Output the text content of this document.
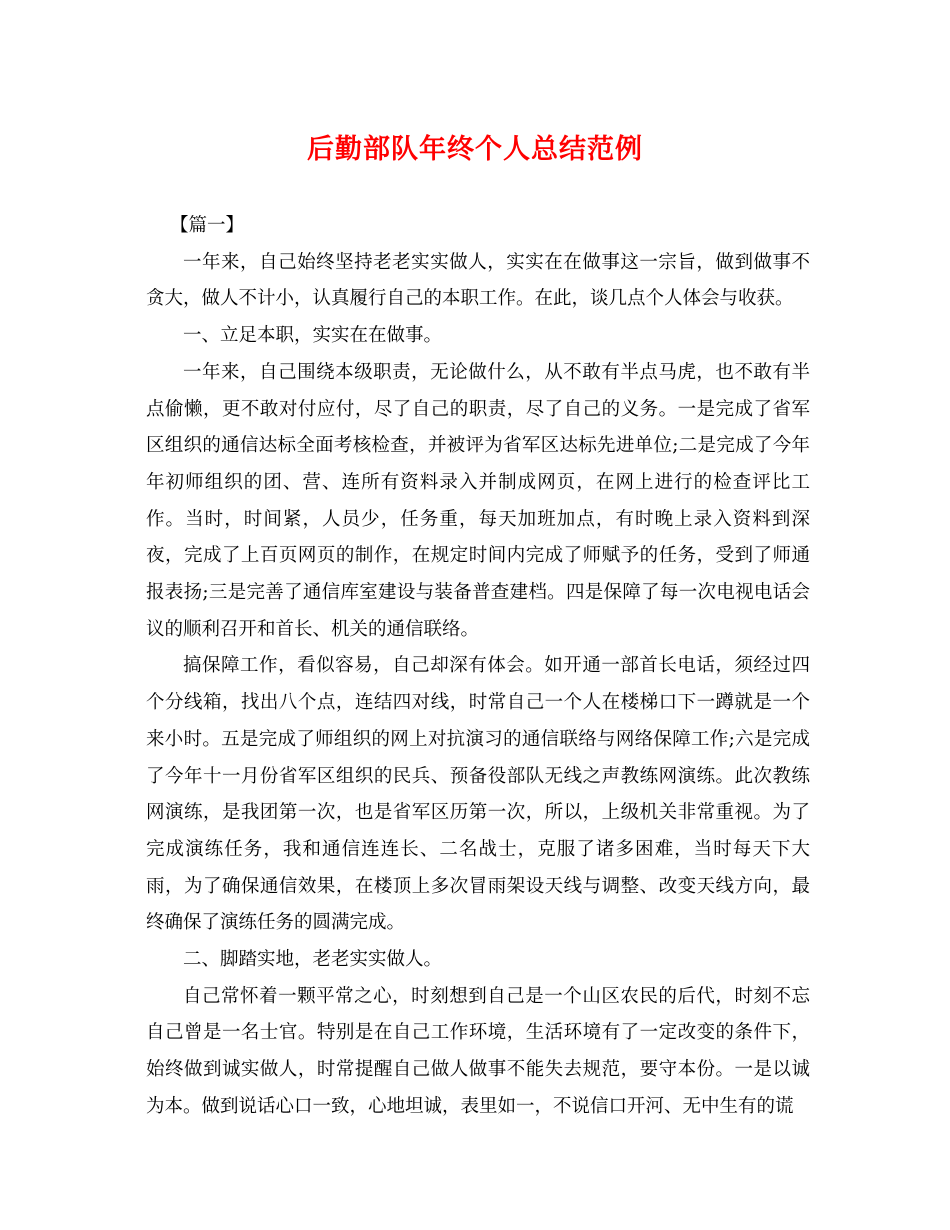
后勤部队年终个人总结范例

【篇一】

一年来，自己始终坚持老老实实做人，实实在在做事这一宗旨，做到做事不贪大，做人不计小，认真履行自己的本职工作。在此，谈几点个人体会与收获。

一、立足本职，实实在在做事。

一年来，自己围绕本级职责，无论做什么，从不敢有半点马虎，也不敢有半点偷懒，更不敢对付应付，尽了自己的职责，尽了自己的义务。一是完成了省军区组织的通信达标全面考核检查，并被评为省军区达标先进单位;二是完成了今年年初师组织的团、营、连所有资料录入并制成网页，在网上进行的检查评比工作。当时，时间紧，人员少，任务重，每天加班加点，有时晚上录入资料到深夜，完成了上百页网页的制作，在规定时间内完成了师赋予的任务，受到了师通报表扬;三是完善了通信库室建设与装备普查建档。四是保障了每一次电视电话会议的顺利召开和首长、机关的通信联络。

搞保障工作，看似容易，自己却深有体会。如开通一部首长电话，须经过四个分线箱，找出八个点，连结四对线，时常自己一个人在楼梯口下一蹲就是一个来小时。五是完成了师组织的网上对抗演习的通信联络与网络保障工作;六是完成了今年十一月份省军区组织的民兵、预备役部队无线之声教练网演练。此次教练网演练，是我团第一次，也是省军区历第一次，所以，上级机关非常重视。为了完成演练任务，我和通信连连长、二名战士，克服了诸多困难，当时每天下大雨，为了确保通信效果，在楼顶上多次冒雨架设天线与调整、改变天线方向，最终确保了演练任务的圆满完成。

二、脚踏实地，老老实实做人。

自己常怀着一颗平常之心，时刻想到自己是一个山区农民的后代，时刻不忘自己曾是一名士官。特别是在自己工作环境，生活环境有了一定改变的条件下，始终做到诚实做人，时常提醒自己做人做事不能失去规范，要守本份。一是以诚为本。做到说话心口一致，心地坦诚，表里如一，不说信口开河、无中生有的谎
